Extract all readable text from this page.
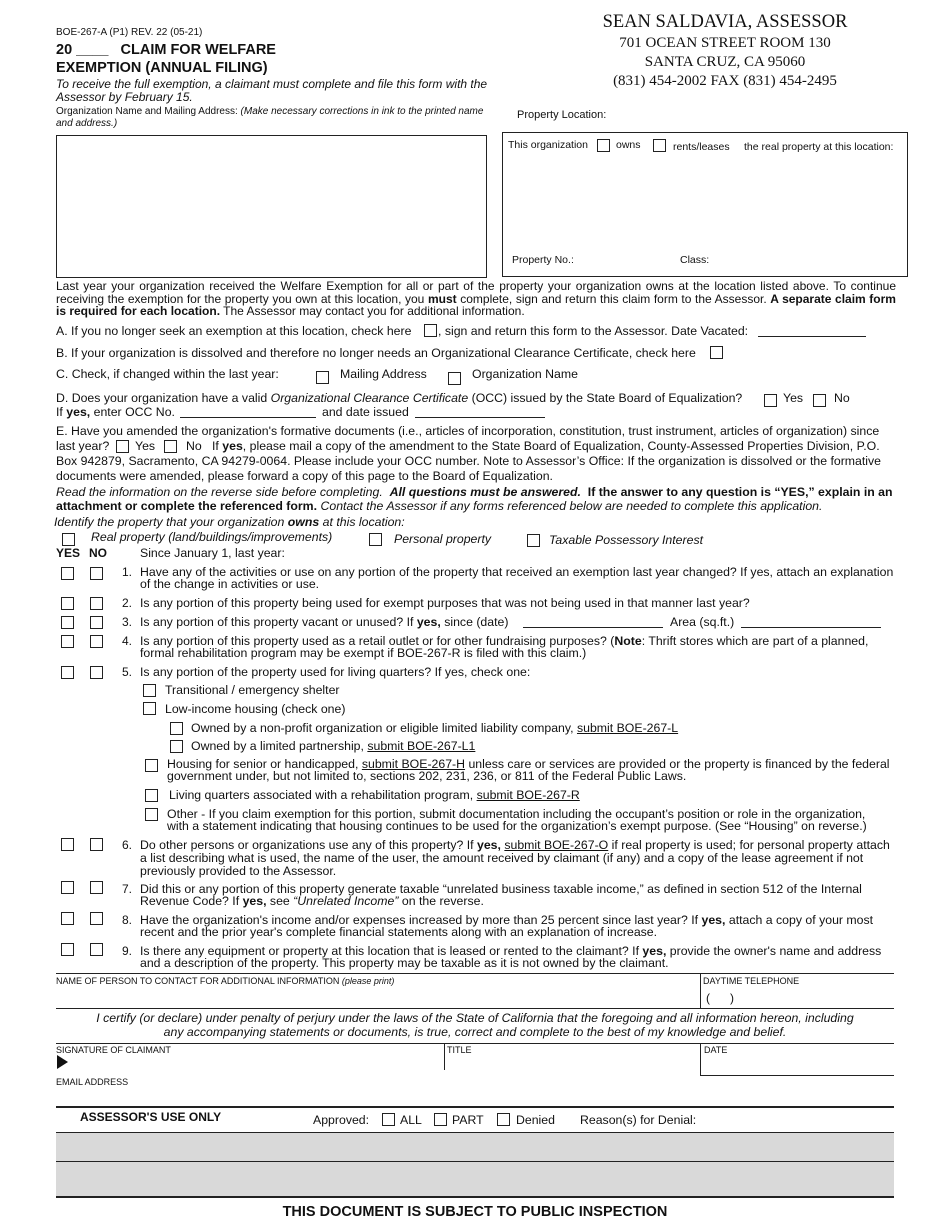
BOE-267-A (P1) REV. 22 (05-21)
20 ____ CLAIM FOR WELFARE
EXEMPTION (ANNUAL FILING)
To receive the full exemption, a claimant must complete and file this form with the Assessor by February 15.
Organization Name and Mailing Address: (Make necessary corrections in ink to the printed name and address.)
SEAN SALDAVIA, ASSESSOR
701 OCEAN STREET ROOM 130
SANTA CRUZ, CA 95060
(831) 454-2002 FAX (831) 454-2495
Property Location:
This organization	owns	rents/leases the real property at this location:
Property No.:	Class:
Last year your organization received the Welfare Exemption for all or part of the property your organization owns at the location listed above. To continue receiving the exemption for the property you own at this location, you must complete, sign and return this claim form to the Assessor. A separate claim form is required for each location. The Assessor may contact you for additional information.
A. If you no longer seek an exemption at this location, check here , sign and return this form to the Assessor. Date Vacated:
B. If your organization is dissolved and therefore no longer needs an Organizational Clearance Certificate, check here
C. Check, if changed within the last year:	Mailing Address	Organization Name
D. Does your organization have a valid Organizational Clearance Certificate (OCC) issued by the State Board of Equalization?	Yes	No
If yes, enter OCC No.	and date issued
E. Have you amended the organization's formative documents (i.e., articles of incorporation, constitution, trust instrument, articles of organization) since
last year? Yes	No If yes, please mail a copy of the amendment to the State Board of Equalization, County-Assessed Properties Division, P.O.
Box 942879, Sacramento, CA 94279-0064. Please include your OCC number. Note to Assessor’s Office: If the organization is dissolved or the formative
documents were amended, please forward a copy of this page to the Board of Equalization.
Read the information on the reverse side before completing. All questions must be answered. If the answer to any question is “YES,” explain in an attachment or complete the referenced form. Contact the Assessor if any forms referenced below are needed to complete this application.
Identify the property that your organization owns at this location:
Real property (land/buildings/improvements)	Personal property	Taxable Possessory Interest
YES NO	Since January 1, last year:
1. Have any of the activities or use on any portion of the property that received an exemption last year changed? If yes, attach an explanation
of the change in activities or use.
2. Is any portion of this property being used for exempt purposes that was not being used in that manner last year?
3. Is any portion of this property vacant or unused? If yes, since (date)	Area (sq.ft.)
4. Is any portion of this property used as a retail outlet or for other fundraising purposes? (Note: Thrift stores which are part of a planned,
formal rehabilitation program may be exempt if BOE-267-R is filed with this claim.)
5. Is any portion of the property used for living quarters? If yes, check one:
Transitional / emergency shelter
Low-income housing (check one)
Owned by a non-profit organization or eligible limited liability company, submit BOE-267-L
Owned by a limited partnership, submit BOE-267-L1
Housing for senior or handicapped, submit BOE-267-H unless care or services are provided or the property is financed by the federal
government under, but not limited to, sections 202, 231, 236, or 811 of the Federal Public Laws.
Living quarters associated with a rehabilitation program, submit BOE-267-R
Other - If you claim exemption for this portion, submit documentation including the occupant’s position or role in the organization,
with a statement indicating that housing continues to be used for the organization’s exempt purpose. (See “Housing” on reverse.)
6. Do other persons or organizations use any of this property? If yes, submit BOE-267-O if real property is used; for personal property attach
a list describing what is used, the name of the user, the amount received by claimant (if any) and a copy of the lease agreement if not
previously provided to the Assessor.
7. Did this or any portion of this property generate taxable “unrelated business taxable income,” as defined in section 512 of the Internal
Revenue Code? If yes, see “Unrelated Income” on the reverse.
8. Have the organization's income and/or expenses increased by more than 25 percent since last year? If yes, attach a copy of your most
recent and the prior year's complete financial statements along with an explanation of increase.
9. Is there any equipment or property at this location that is leased or rented to the claimant? If yes, provide the owner's name and address
and a description of the property. This property may be taxable as it is not owned by the claimant.
NAME OF PERSON TO CONTACT FOR ADDITIONAL INFORMATION (please print)	DAYTIME TELEPHONE
(      )
I certify (or declare) under penalty of perjury under the laws of the State of California that the foregoing and all information hereon, including
any accompanying statements or documents, is true, correct and complete to the best of my knowledge and belief.
SIGNATURE OF CLAIMANT	TITLE	DATE
EMAIL ADDRESS
ASSESSOR'S USE ONLY	Approved:	ALL PART	Denied Reason(s) for Denial:
THIS DOCUMENT IS SUBJECT TO PUBLIC INSPECTION
